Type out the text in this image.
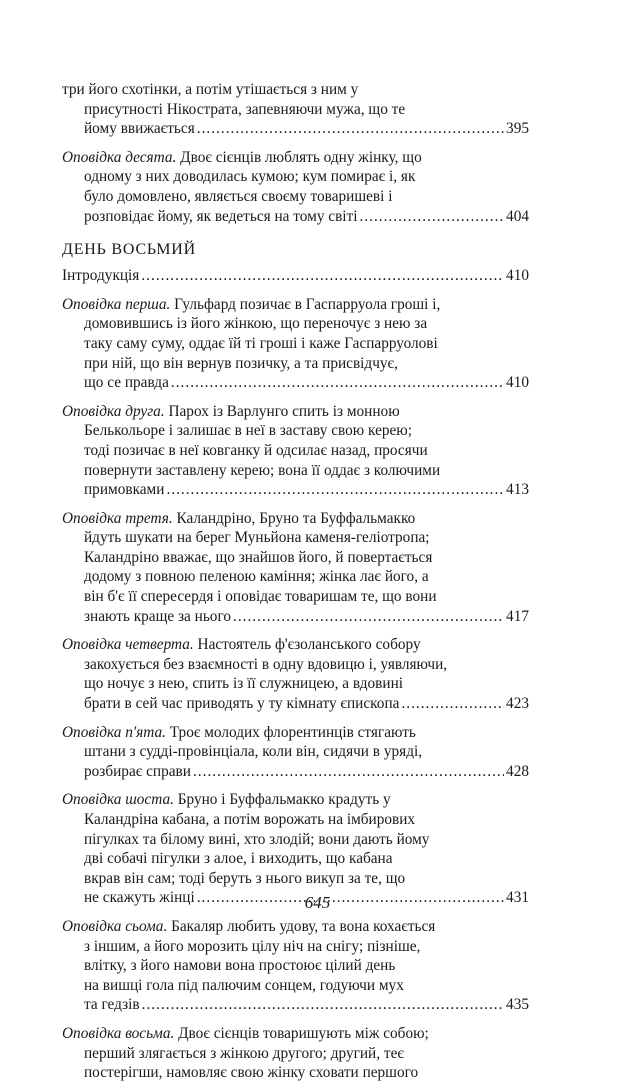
три його схотінки, а потім утішається з ним у
присутності Нікострата, запевняючи мужа, що те
йому ввижається .....	395
Оповідка десята. Двоє сієнців люблять одну жінку, що
одному з них доводилась кумою; кум помирає і, як
було домовлено, являється своєму товаришеві і
розповідає йому, як ведеться на тому світі .....	404
ДЕНЬ ВОСЬМИЙ
Інтродукція .....	410
Оповідка перша. Гульфард позичає в Гаспарруола гроші і,
домовившись із його жінкою, що переночує з нею за
таку саму суму, оддає їй ті гроші і каже Гаспарруолові
при ній, що він вернув позичку, а та присвідчує,
що се правда .....	410
Оповідка друга. Парох із Варлунго спить із монною
Белькольоре і залишає в неї в заставу свою керею;
тоді позичає в неї ковганку й одсилає назад, просячи
повернути заставлену керею; вона її оддає з колючими
примовками .....	413
Оповідка третя. Каландріно, Бруно та Буффальмакко
йдуть шукати на берег Муньйона каменя-геліотропа;
Каландріно вважає, що знайшов його, й повертається
додому з повною пеленою каміння; жінка лає його, а
він б'є її спересердя і оповідає товаришам те, що вони
знають краще за нього .....	417
Оповідка четверта. Настоятель ф'єзоланського собору
закохується без взаємності в одну вдовицю і, уявляючи,
що ночує з нею, спить із її служницею, а вдовині
брати в сей час приводять у ту кімнату єпископа .....	423
Оповідка п'ята. Троє молодих флорентинців стягають
штани з судді-провінціала, коли він, сидячи в уряді,
розбирає справи .....	428
Оповідка шоста. Бруно і Буффальмакко крадуть у
Каландріна кабана, а потім ворожать на імбирових
пігулках та білому вині, хто злодій; вони дають йому
дві собачі пігулки з алое, і виходить, що кабана
вкрав він сам; тоді беруть з нього викуп за те, що
не скажуть жінці .....	431
Оповідка сьома. Бакаляр любить удову, та вона кохається
з іншим, а його морозить цілу ніч на снігу; пізніше,
влітку, з його намови вона простоює цілий день
на вишці гола під палючим сонцем, годуючи мух
та гедзів .....	435
Оповідка восьма. Двоє сієнців товаришують між собою;
перший злягається з жінкою другого; другий, теє
постерігши, намовляє свою жінку сховати першого
645
